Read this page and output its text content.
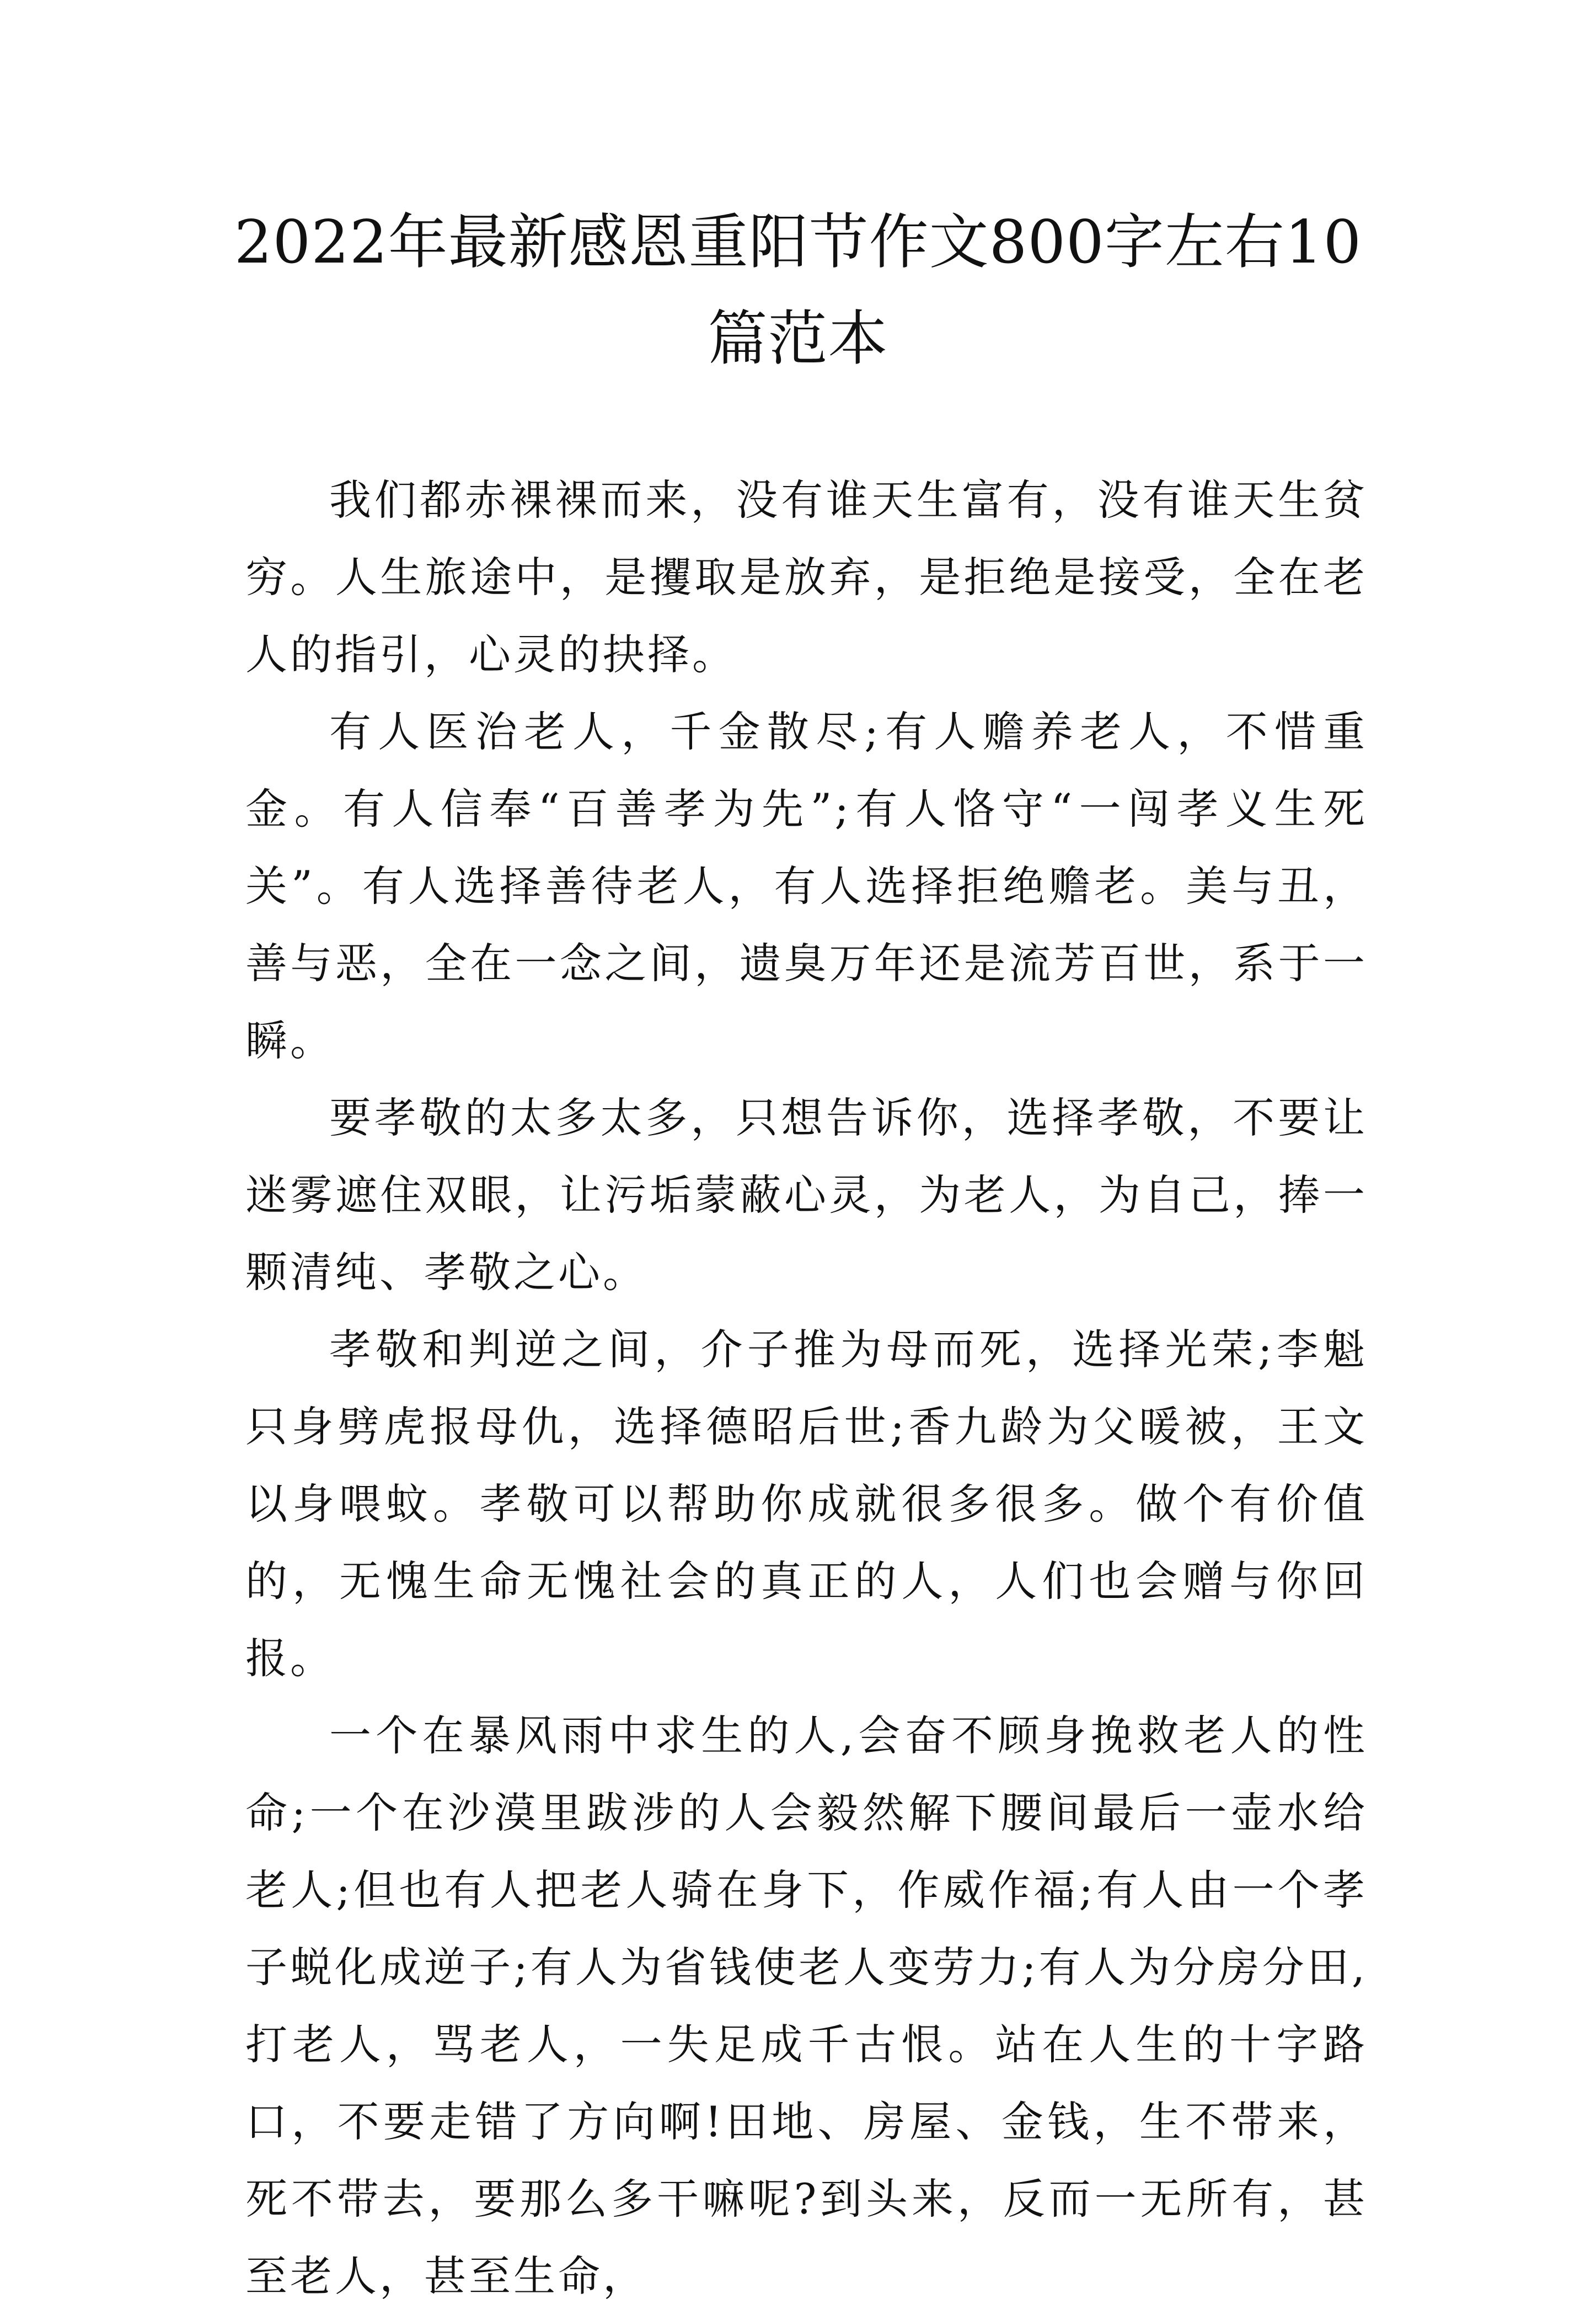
2022年最新感恩重阳节作文800字左右10篇范本

我们都赤裸裸而来，没有谁天生富有，没有谁天生贫穷。人生旅途中，是攫取是放弃，是拒绝是接受，全在老人的指引，心灵的抉择。

有人医治老人，千金散尽;有人赡养老人，不惜重金。有人信奉“百善孝为先”;有人恪守“一闯孝义生死关”。有人选择善待老人，有人选择拒绝赡老。美与丑，善与恶，全在一念之间，遗臭万年还是流芳百世，系于一瞬。

要孝敬的太多太多，只想告诉你，选择孝敬，不要让迷雾遮住双眼，让污垢蒙蔽心灵，为老人，为自己，捧一颗清纯、孝敬之心。

孝敬和判逆之间，介子推为母而死，选择光荣;李魁只身劈虎报母仇，选择德昭后世;香九龄为父暖被，王文以身喂蚊。孝敬可以帮助你成就很多很多。做个有价值的，无愧生命无愧社会的真正的人，人们也会赠与你回报。

一个在暴风雨中求生的人,会奋不顾身挽救老人的性命;一个在沙漠里跋涉的人会毅然解下腰间最后一壶水给老人;但也有人把老人骑在身下，作威作福;有人由一个孝子蜕化成逆子;有人为省钱使老人变劳力;有人为分房分田,打老人，骂老人，一失足成千古恨。站在人生的十字路口，不要走错了方向啊!田地、房屋、金钱，生不带来，死不带去，要那么多干嘛呢?到头来，反而一无所有，甚至老人，甚至生命，
